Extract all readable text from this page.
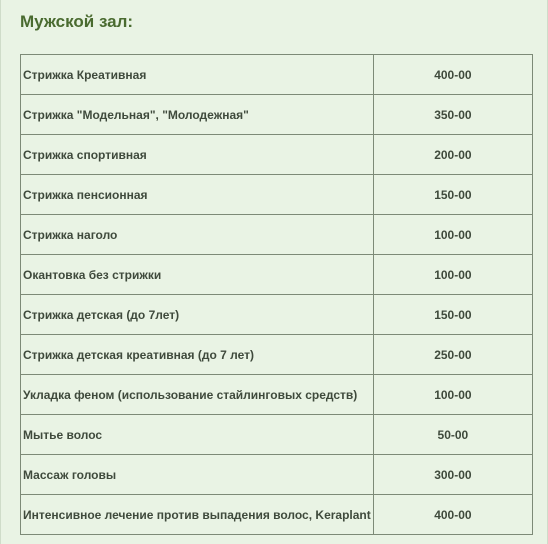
Мужской зал:
Стрижка Креативная	400-00
Стрижка "Модельная", "Молодежная"	350-00
Стрижка спортивная	200-00
Стрижка пенсионная	150-00
Стрижка наголо	100-00
Окантовка без стрижки	100-00
Стрижка детская (до 7лет)	150-00
Стрижка детская креативная (до 7 лет)	250-00
Укладка феном (использование стайлинговых средств)	100-00
Мытье волос	50-00
Массаж головы	300-00
Интенсивное лечение против выпадения волос, Keraplant	400-00
